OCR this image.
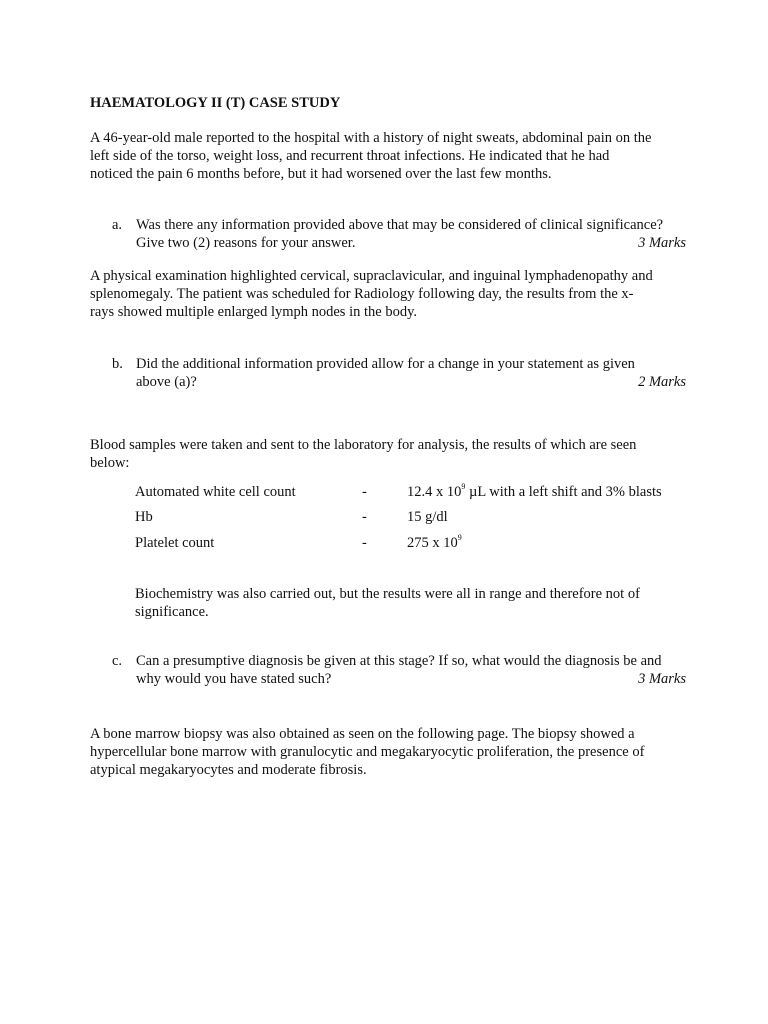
HAEMATOLOGY II (T) CASE STUDY
A 46-year-old male reported to the hospital with a history of night sweats, abdominal pain on the
left side of the torso, weight loss, and recurrent throat infections. He indicated that he had
noticed the pain 6 months before, but it had worsened over the last few months.
a. Was there any information provided above that may be considered of clinical significance?
Give two (2) reasons for your answer.	3 Marks
A physical examination highlighted cervical, supraclavicular, and inguinal lymphadenopathy and
splenomegaly. The patient was scheduled for Radiology following day, the results from the x-
rays showed multiple enlarged lymph nodes in the body.
b. Did the additional information provided allow for a change in your statement as given
above (a)?	2 Marks
Blood samples were taken and sent to the laboratory for analysis, the results of which are seen
below:
Automated white cell count	-	12.4 x $10^9$ µL with a left shift and 3% blasts
Hb	-	15 g/dl
Platelet count	-	275 x $10^9$
Biochemistry was also carried out, but the results were all in range and therefore not of
significance.
c. Can a presumptive diagnosis be given at this stage? If so, what would the diagnosis be and
why would you have stated such?	3 Marks
A bone marrow biopsy was also obtained as seen on the following page. The biopsy showed a
hypercellular bone marrow with granulocytic and megakaryocytic proliferation, the presence of
atypical megakaryocytes and moderate fibrosis.
